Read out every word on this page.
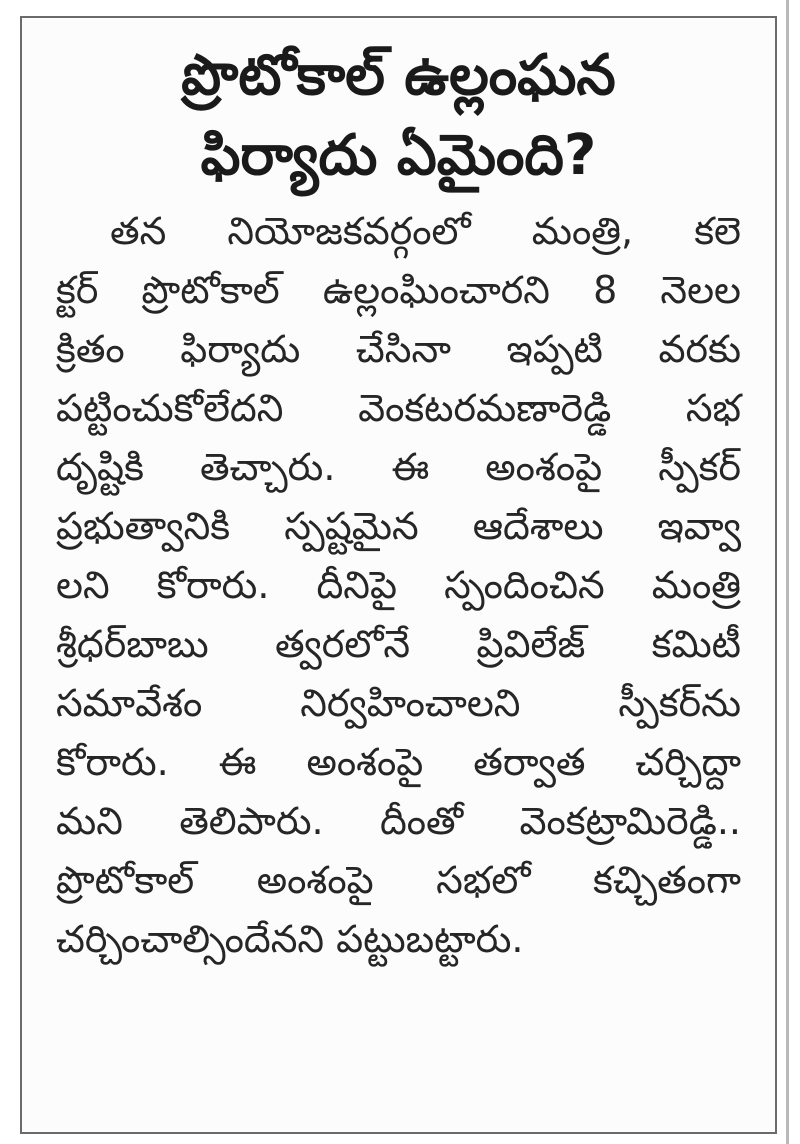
ప్రొటోకాల్ ఉల్లంఘన
ఫిర్యాదు ఏమైంది?
తన నియోజకవర్గంలో మంత్రి, కలె
క్టర్ ప్రొటోకాల్ ఉల్లంఘించారని 8 నెలల
క్రితం ఫిర్యాదు చేసినా ఇప్పటి వరకు
పట్టించుకోలేదని వెంకటరమణారెడ్డి సభ
దృష్టికి తెచ్చారు. ఈ అంశంపై స్పీకర్
ప్రభుత్వానికి స్పష్టమైన ఆదేశాలు ఇవ్వా
లని కోరారు. దీనిపై స్పందించిన మంత్రి
శ్రీధర్‌బాబు త్వరలోనే ప్రివిలేజ్ కమిటీ
సమావేశం నిర్వహించాలని స్పీకర్‌ను
కోరారు. ఈ అంశంపై తర్వాత చర్చిద్దా
మని తెలిపారు. దీంతో వెంకట్రామిరెడ్డి..
ప్రొటోకాల్ అంశంపై సభలో కచ్చితంగా
చర్చించాల్సిందేనని పట్టుబట్టారు.
